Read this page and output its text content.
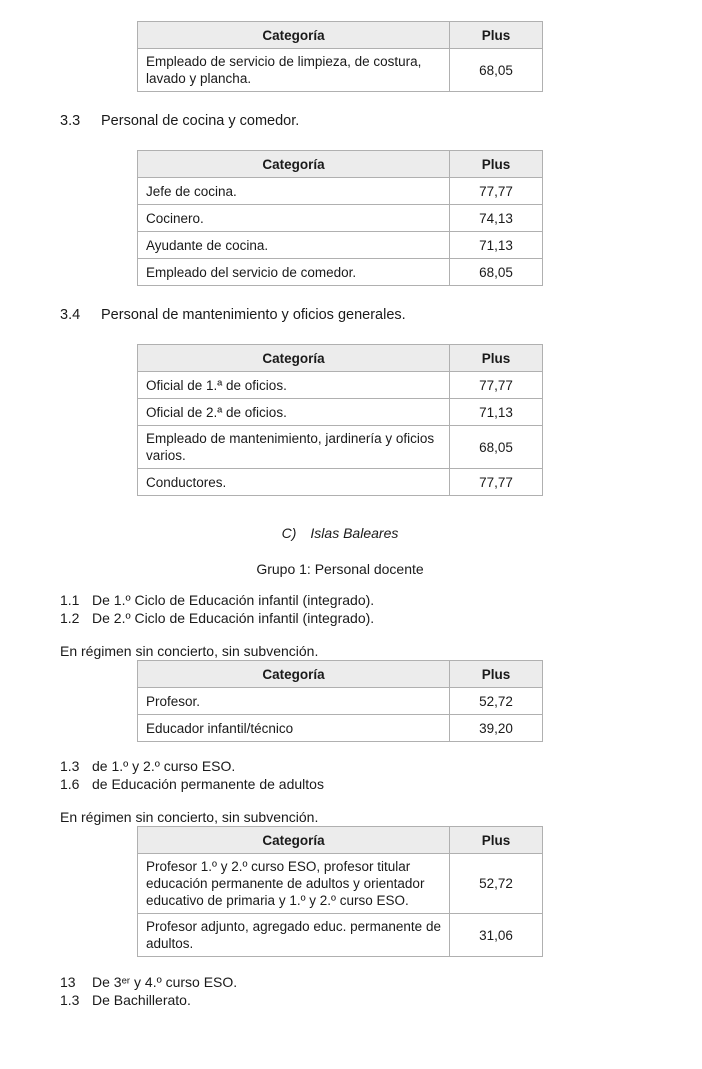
Categoría	Plus
Empleado de servicio de limpieza, de costura, lavado y plancha.	68,05
3.3	Personal de cocina y comedor.
Categoría	Plus
Jefe de cocina.	77,77
Cocinero.	74,13
Ayudante de cocina.	71,13
Empleado del servicio de comedor.	68,05
3.4	Personal de mantenimiento y oficios generales.
Categoría	Plus
Oficial de 1.ª de oficios.	77,77
Oficial de 2.ª de oficios.	71,13
Empleado de mantenimiento, jardinería y oficios varios.	68,05
Conductores.	77,77
C) Islas Baleares
Grupo 1: Personal docente
1.1 De 1.º Ciclo de Educación infantil (integrado).
1.2 De 2.º Ciclo de Educación infantil (integrado).

En régimen sin concierto, sin subvención.

Categoría	Plus
Profesor.	52,72
Educador infantil/técnico	39,20
1.3 de 1.º y 2.º curso ESO.
1.6 de Educación permanente de adultos

En régimen sin concierto, sin subvención.

Categoría	Plus
Profesor 1.º y 2.º curso ESO, profesor titular educación permanente de adultos y orientador educativo de primaria y 1.º y 2.º curso ESO.	52,72
Profesor adjunto, agregado educ. permanente de adultos.	31,06
13	De 3ᵉʳ y 4.º curso ESO.
1.3 De Bachillerato.
